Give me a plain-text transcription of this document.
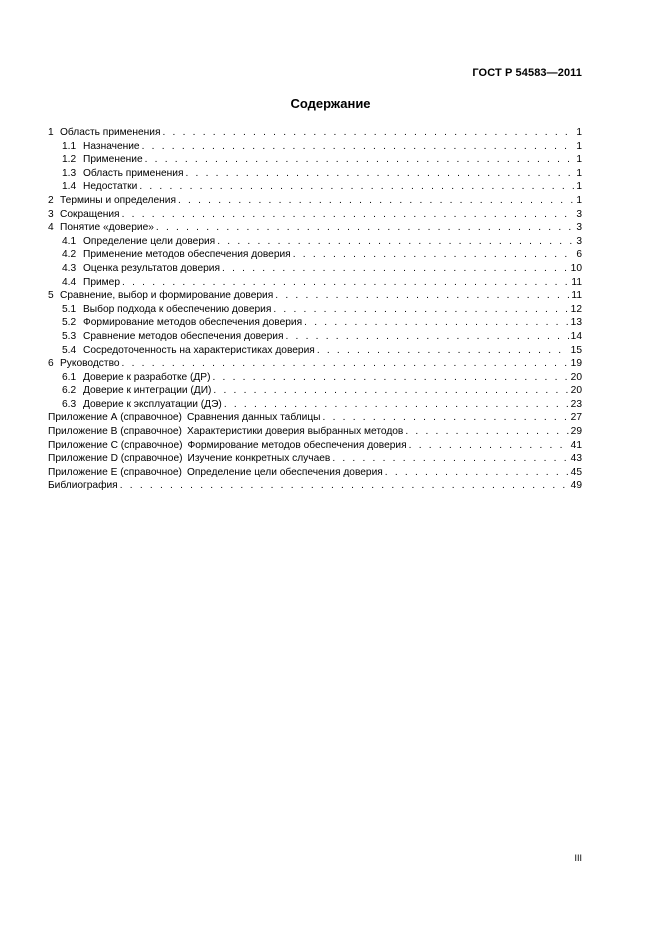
ГОСТ Р 54583—2011
Содержание
1 Область применения . . .	1
1.1 Назначение . . .	1
1.2 Применение . . .	1
1.3 Область применения . . .	1
1.4 Недостатки . . .	1
2 Термины и определения . . .	1
3 Сокращения . . .	3
4 Понятие «доверие» . . .	3
4.1 Определение цели доверия . . .	3
4.2 Применение методов обеспечения доверия . . .	6
4.3 Оценка результатов доверия . . .	10
4.4 Пример . . .	11
5 Сравнение, выбор и формирование доверия . . .	11
5.1 Выбор подхода к обеспечению доверия . . .	12
5.2 Формирование методов обеспечения доверия . . .	13
5.3 Сравнение методов обеспечения доверия . . .	14
5.4 Сосредоточенность на характеристиках доверия . . .	15
6 Руководство . . .	19
6.1 Доверие к разработке (ДР) . . .	20
6.2 Доверие к интеграции (ДИ) . . .	20
6.3 Доверие к эксплуатации (ДЭ) . . .	23
Приложение А (справочное) Сравнения данных таблицы . . .	27
Приложение В (справочное) Характеристики доверия выбранных методов . . .	29
Приложение С (справочное) Формирование методов обеспечения доверия . . .	41
Приложение D (справочное) Изучение конкретных случаев . . .	43
Приложение Е (справочное) Определение цели обеспечения доверия . . .	45
Библиография . . .	49
III
